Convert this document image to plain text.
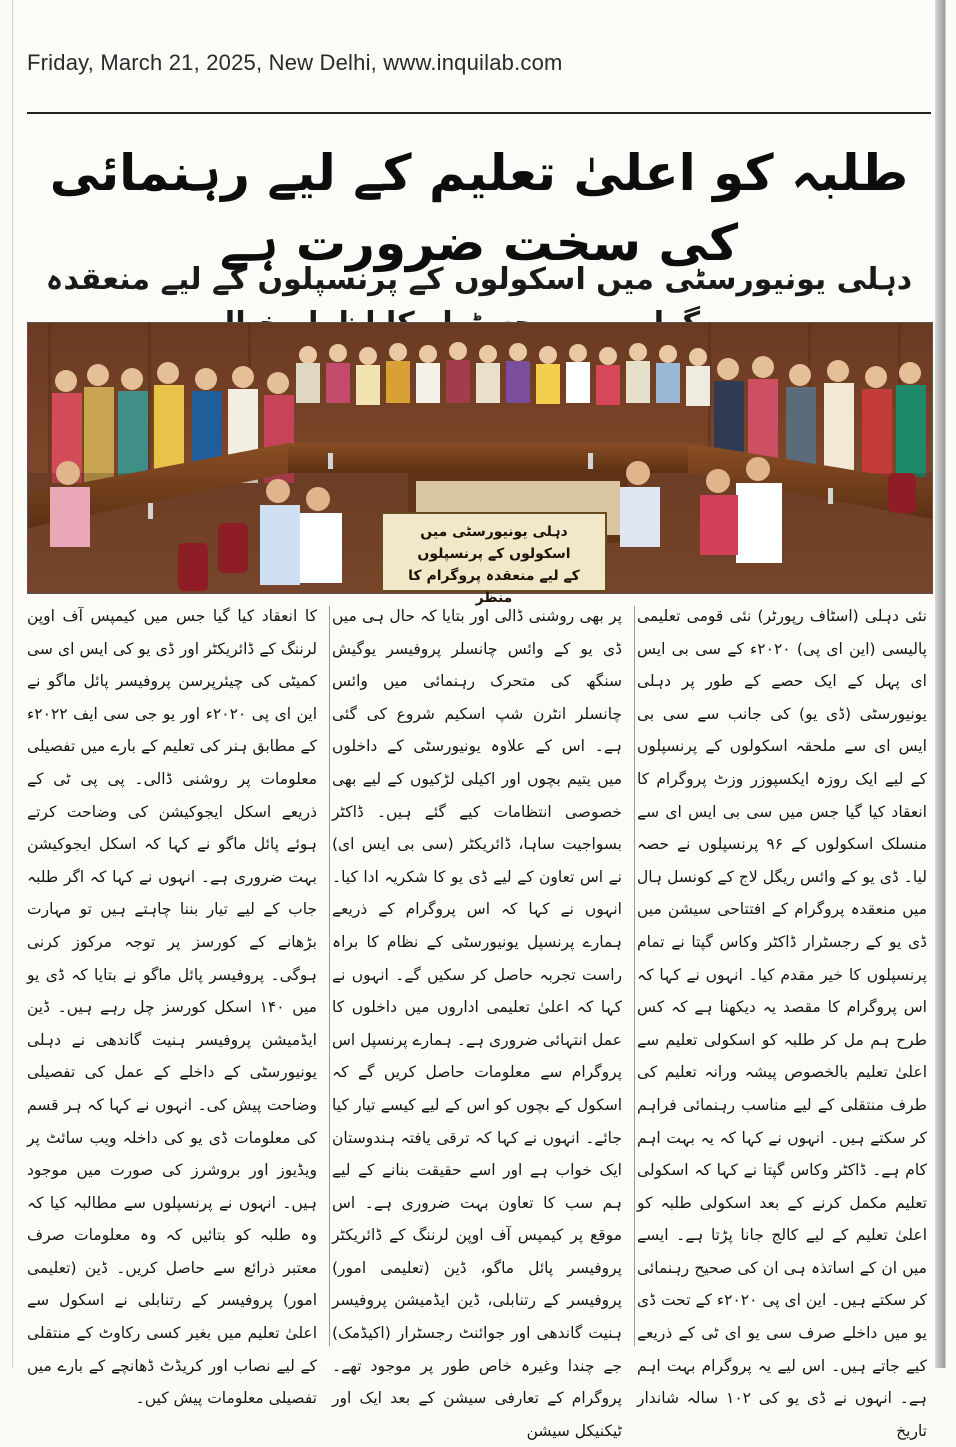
Friday, March 21, 2025, New Delhi, www.inquilab.com
طلبہ کو اعلیٰ تعلیم کے لیے رہنمائی کی سخت ضرورت ہے
دہلی یونیورسٹی میں اسکولوں کے پرنسپلوں کے لیے منعقدہ
دہلی یونیورسٹی میں اسکولوں کے پرنسپلوں
کے لیے منعقدہ پروگرام کا منظر
نئی دہلی (اسٹاف رپورٹر) نئی قومی تعلیمی پالیسی (این ای پی) ۲۰۲۰ء کے سی بی ایس ای پہل کے ایک حصے کے طور پر دہلی یونیورسٹی (ڈی یو) کی جانب سے سی بی ایس ای سے ملحقہ اسکولوں کے پرنسپلوں کے لیے ایک روزہ ایکسپوزر وزٹ پروگرام کا انعقاد کیا گیا جس میں سی بی ایس ای سے منسلک اسکولوں کے ۹۶ پرنسپلوں نے حصہ لیا۔ ڈی یو کے وائس ریگل لاج کے کونسل ہال میں منعقدہ پروگرام کے افتتاحی سیشن میں ڈی یو کے رجسٹرار ڈاکٹر وکاس گپتا نے تمام پرنسپلوں کا خیر مقدم کیا۔ انہوں نے کہا کہ اس پروگرام کا مقصد یہ دیکھنا ہے کہ کس طرح ہم مل کر طلبہ کو اسکولی تعلیم سے اعلیٰ تعلیم بالخصوص پیشہ ورانہ تعلیم کی طرف منتقلی کے لیے مناسب رہنمائی فراہم کر سکتے ہیں۔ انہوں نے کہا کہ یہ بہت اہم کام ہے۔ ڈاکٹر وکاس گپتا نے کہا کہ اسکولی تعلیم مکمل کرنے کے بعد اسکولی طلبہ کو اعلیٰ تعلیم کے لیے کالج جانا پڑتا ہے۔ ایسے میں ان کے اساتذہ ہی ان کی صحیح رہنمائی کر سکتے ہیں۔ این ای پی ۲۰۲۰ء کے تحت ڈی یو میں داخلے صرف سی یو ای ٹی کے ذریعے کیے جاتے ہیں۔ اس لیے یہ پروگرام بہت اہم ہے۔ انہوں نے ڈی یو کی ۱۰۲ سالہ شاندار تاریخ
پر بھی روشنی ڈالی اور بتایا کہ حال ہی میں ڈی یو کے وائس چانسلر پروفیسر یوگیش سنگھ کی متحرک رہنمائی میں وائس چانسلر انٹرن شپ اسکیم شروع کی گئی ہے۔ اس کے علاوہ یونیورسٹی کے داخلوں میں یتیم بچوں اور اکیلی لڑکیوں کے لیے بھی خصوصی انتظامات کیے گئے ہیں۔ ڈاکٹر بسواجیت ساہا، ڈائریکٹر (سی بی ایس ای) نے اس تعاون کے لیے ڈی یو کا شکریہ ادا کیا۔ انہوں نے کہا کہ اس پروگرام کے ذریعے ہمارے پرنسپل یونیورسٹی کے نظام کا براہ راست تجربہ حاصل کر سکیں گے۔ انہوں نے کہا کہ اعلیٰ تعلیمی اداروں میں داخلوں کا عمل انتہائی ضروری ہے۔ ہمارے پرنسپل اس پروگرام سے معلومات حاصل کریں گے کہ اسکول کے بچوں کو اس کے لیے کیسے تیار کیا جائے۔ انہوں نے کہا کہ ترقی یافتہ ہندوستان ایک خواب ہے اور اسے حقیقت بنانے کے لیے ہم سب کا تعاون بہت ضروری ہے۔ اس موقع پر کیمپس آف اوپن لرننگ کے ڈائریکٹر پروفیسر پائل ماگو، ڈین (تعلیمی امور) پروفیسر کے رتنابلی، ڈین ایڈمیشن پروفیسر ہنیت گاندھی اور جوائنٹ رجسٹرار (اکیڈمک) جے چندا وغیرہ خاص طور پر موجود تھے۔ پروگرام کے تعارفی سیشن کے بعد ایک اور ٹیکنیکل سیشن
کا انعقاد کیا گیا جس میں کیمپس آف اوپن لرننگ کے ڈائریکٹر اور ڈی یو کی ایس ای سی کمیٹی کی چیئرپرسن پروفیسر پائل ماگو نے این ای پی ۲۰۲۰ء اور یو جی سی ایف ۲۰۲۲ء کے مطابق ہنر کی تعلیم کے بارے میں تفصیلی معلومات پر روشنی ڈالی۔ پی پی ٹی کے ذریعے اسکل ایجوکیشن کی وضاحت کرتے ہوئے پائل ماگو نے کہا کہ اسکل ایجوکیشن بہت ضروری ہے۔ انہوں نے کہا کہ اگر طلبہ جاب کے لیے تیار بننا چاہتے ہیں تو مہارت بڑھانے کے کورسز پر توجہ مرکوز کرنی ہوگی۔ پروفیسر پائل ماگو نے بتایا کہ ڈی یو میں ۱۴۰ اسکل کورسز چل رہے ہیں۔ ڈین ایڈمیشن پروفیسر ہنیت گاندھی نے دہلی یونیورسٹی کے داخلے کے عمل کی تفصیلی وضاحت پیش کی۔ انہوں نے کہا کہ ہر قسم کی معلومات ڈی یو کی داخلہ ویب سائٹ پر ویڈیوز اور بروشرز کی صورت میں موجود ہیں۔ انہوں نے پرنسپلوں سے مطالبہ کیا کہ وہ طلبہ کو بتائیں کہ وہ معلومات صرف معتبر ذرائع سے حاصل کریں۔ ڈین (تعلیمی امور) پروفیسر کے رتنابلی نے اسکول سے اعلیٰ تعلیم میں بغیر کسی رکاوٹ کے منتقلی کے لیے نصاب اور کریڈٹ ڈھانچے کے بارے میں تفصیلی معلومات پیش کیں۔
